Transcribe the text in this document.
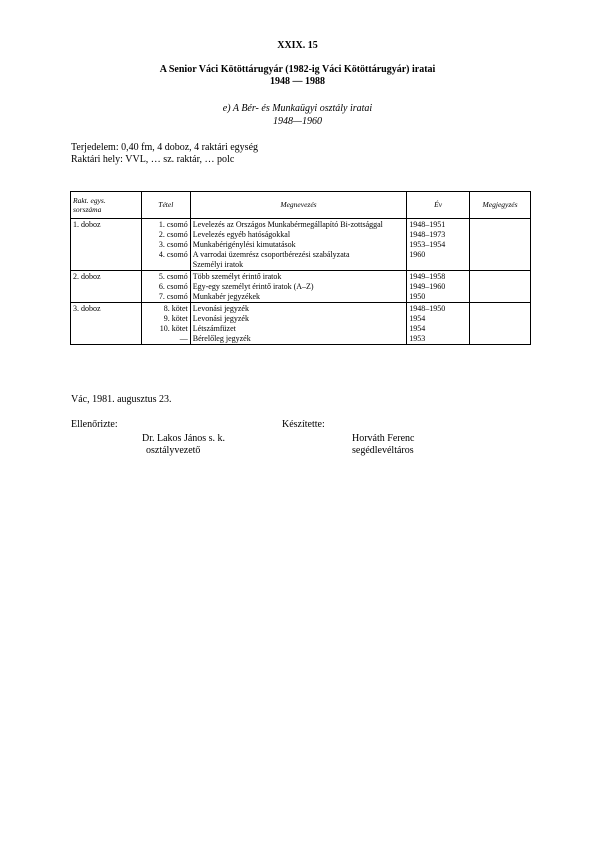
XXIX. 15
A Senior Váci Kötöttárugyár (1982-ig Váci Kötöttárugyár) iratai
1948 — 1988
e) A Bér- és Munkaügyi osztály iratai
1948—1960
Terjedelem: 0,40 fm, 4 doboz, 4 raktári egység
Raktári hely: VVL, … sz. raktár, … polc
Rakt. egys.
sorszáma	Tétel	Megnevezés	Év	Megjegyzés
1. doboz	1. csomó	Levelezés az Országos Munkabérmegállapító Bi-zottsággal	1948–1951	
	2. csomó	Levelezés egyéb hatóságokkal	1948–1973	
	3. csomó	Munkabérigénylési kimutatások	1953–1954	
	4. csomó	A varrodai üzemrész csoportbérezési szabályzata	1960	
		Személyi iratok		
2. doboz	5. csomó	Több személyt érintő iratok	1949–1958	
	6. csomó	Egy-egy személyt érintő iratok (A–Z)	1949–1960	
	7. csomó	Munkabér jegyzékek	1950	
3. doboz	8. kötet	Levonási jegyzék	1948–1950	
	9. kötet	Levonási jegyzék	1954	
	10. kötet	Létszámfüzet	1954	
	—	Bérelőleg jegyzék	1953	
Vác, 1981. augusztus 23.
Ellenőrizte:	Készítette:
Dr. Lakos János s. k.
osztályvezető
Horváth Ferenc
segédlevéltáros
